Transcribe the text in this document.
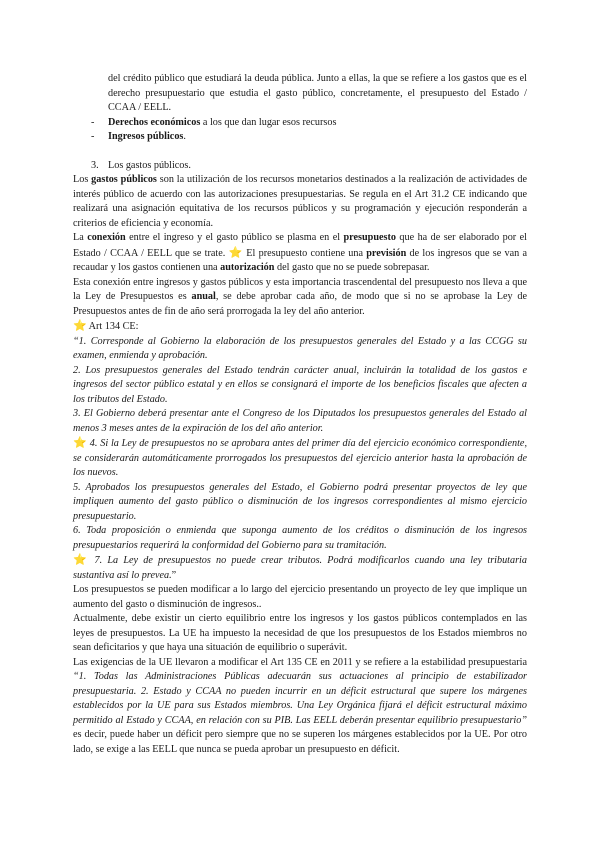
del crédito público que estudiará la deuda pública. Junto a ellas, la que se refiere a los gastos que es el derecho presupuestario que estudia el gasto público, concretamente, el presupuesto del Estado / CCAA / EELL.

-	Derechos económicos a los que dan lugar esos recursos
-	Ingresos públicos.

3. Los gastos públicos.

Los gastos públicos son la utilización de los recursos monetarios destinados a la realización de actividades de interés público de acuerdo con las autorizaciones presupuestarias. Se regula en el Art 31.2 CE indicando que realizará una asignación equitativa de los recursos públicos y su programación y ejecución responderán a criterios de eficiencia y economía.

La conexión entre el ingreso y el gasto público se plasma en el presupuesto que ha de ser elaborado por el Estado / CCAA / EELL que se trate. ⭐ El presupuesto contiene una previsión de los ingresos que se van a recaudar y los gastos contienen una autorización del gasto que no se puede sobrepasar.

Esta conexión entre ingresos y gastos públicos y esta importancia trascendental del presupuesto nos lleva a que la Ley de Presupuestos es anual, se debe aprobar cada año, de modo que si no se aprobase la Ley de Presupuestos antes de fin de año será prorrogada la ley del año anterior.

⭐ Art 134 CE:

“1. Corresponde al Gobierno la elaboración de los presupuestos generales del Estado y a las CCGG su examen, enmienda y aprobación.

2. Los presupuestos generales del Estado tendrán carácter anual, incluirán la totalidad de los gastos e ingresos del sector público estatal y en ellos se consignará el importe de los beneficios fiscales que afecten a los tributos del Estado.

3. El Gobierno deberá presentar ante el Congreso de los Diputados los presupuestos generales del Estado al menos 3 meses antes de la expiración de los del año anterior.

⭐ 4. Si la Ley de presupuestos no se aprobara antes del primer día del ejercicio económico correspondiente, se considerarán automáticamente prorrogados los presupuestos del ejercicio anterior hasta la aprobación de los nuevos.

5. Aprobados los presupuestos generales del Estado, el Gobierno podrá presentar proyectos de ley que impliquen aumento del gasto público o disminución de los ingresos correspondientes al mismo ejercicio presupuestario.

6. Toda proposición o enmienda que suponga aumento de los créditos o disminución de los ingresos presupuestarios requerirá la conformidad del Gobierno para su tramitación.

⭐ 7. La Ley de presupuestos no puede crear tributos. Podrá modificarlos cuando una ley tributaria sustantiva así lo prevea.”

Los presupuestos se pueden modificar a lo largo del ejercicio presentando un proyecto de ley que implique un aumento del gasto o disminución de ingresos..

Actualmente, debe existir un cierto equilibrio entre los ingresos y los gastos públicos contemplados en las leyes de presupuestos. La UE ha impuesto la necesidad de que los presupuestos de los Estados miembros no sean deficitarios y que haya una situación de equilibrio o superávit.

Las exigencias de la UE llevaron a modificar el Art 135 CE en 2011 y se refiere a la estabilidad presupuestaria “1. Todas las Administraciones Públicas adecuarán sus actuaciones al principio de estabilizador presupuestaria. 2. Estado y CCAA no pueden incurrir en un déficit estructural que supere los márgenes establecidos por la UE para sus Estados miembros. Una Ley Orgánica fijará el déficit estructural máximo permitido al Estado y CCAA, en relación con su PIB. Las EELL deberán presentar equilibrio presupuestario” es decir, puede haber un déficit pero siempre que no se superen los márgenes establecidos por la UE. Por otro lado, se exige a las EELL que nunca se pueda aprobar un presupuesto en déficit.
